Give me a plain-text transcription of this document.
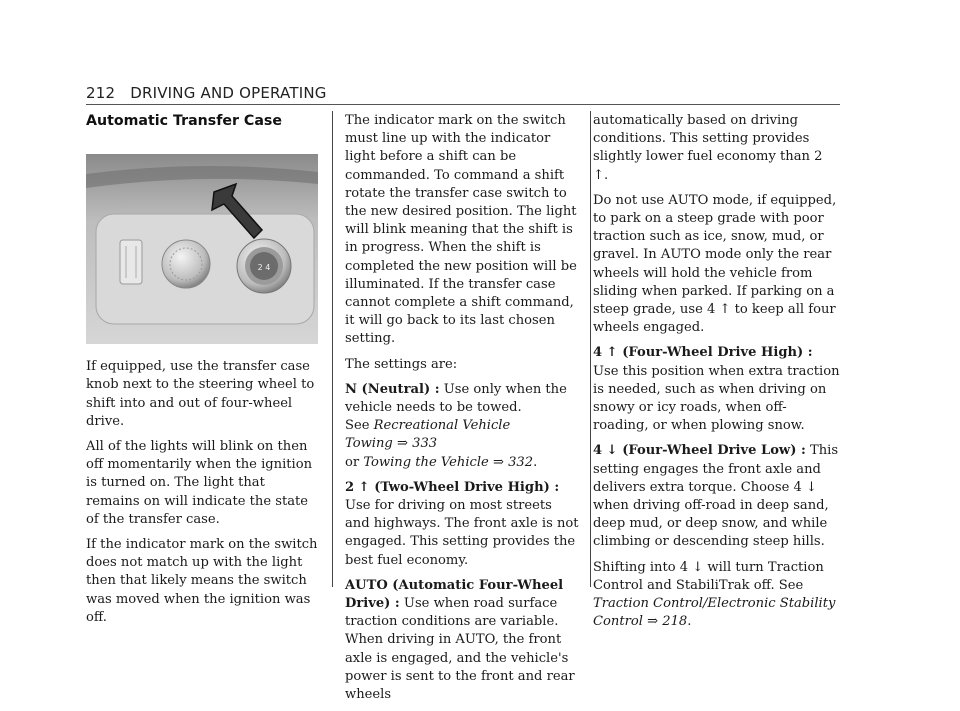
212 DRIVING AND OPERATING
Automatic Transfer Case
2 4

If equipped, use the transfer case knob next to the steering wheel to shift into and out of four-wheel drive.

All of the lights will blink on then off momentarily when the ignition is turned on. The light that remains on will indicate the state of the transfer case.

If the indicator mark on the switch does not match up with the light then that likely means the switch was moved when the ignition was off.

The indicator mark on the switch must line up with the indicator light before a shift can be commanded. To command a shift rotate the transfer case switch to the new desired position. The light will blink meaning that the shift is in progress. When the shift is completed the new position will be illuminated. If the transfer case cannot complete a shift command, it will go back to its last chosen setting.

The settings are:

N (Neutral) : Use only when the vehicle needs to be towed.
See Recreational Vehicle Towing ⇒ 333
or Towing the Vehicle ⇒ 332.

2 ↑ (Two-Wheel Drive High) : Use for driving on most streets and highways. The front axle is not engaged. This setting provides the best fuel economy.

AUTO (Automatic Four-Wheel Drive) : Use when road surface traction conditions are variable. When driving in AUTO, the front axle is engaged, and the vehicle's power is sent to the front and rear wheels

automatically based on driving conditions. This setting provides slightly lower fuel economy than 2 ↑.

Do not use AUTO mode, if equipped, to park on a steep grade with poor traction such as ice, snow, mud, or gravel. In AUTO mode only the rear wheels will hold the vehicle from sliding when parked. If parking on a steep grade, use 4 ↑ to keep all four wheels engaged.

4 ↑ (Four-Wheel Drive High) : Use this position when extra traction is needed, such as when driving on snowy or icy roads, when off-roading, or when plowing snow.

4 ↓ (Four-Wheel Drive Low) : This setting engages the front axle and delivers extra torque. Choose 4 ↓ when driving off-road in deep sand, deep mud, or deep snow, and while climbing or descending steep hills.

Shifting into 4 ↓ will turn Traction Control and StabiliTrak off. See Traction Control/Electronic Stability Control ⇒ 218.
